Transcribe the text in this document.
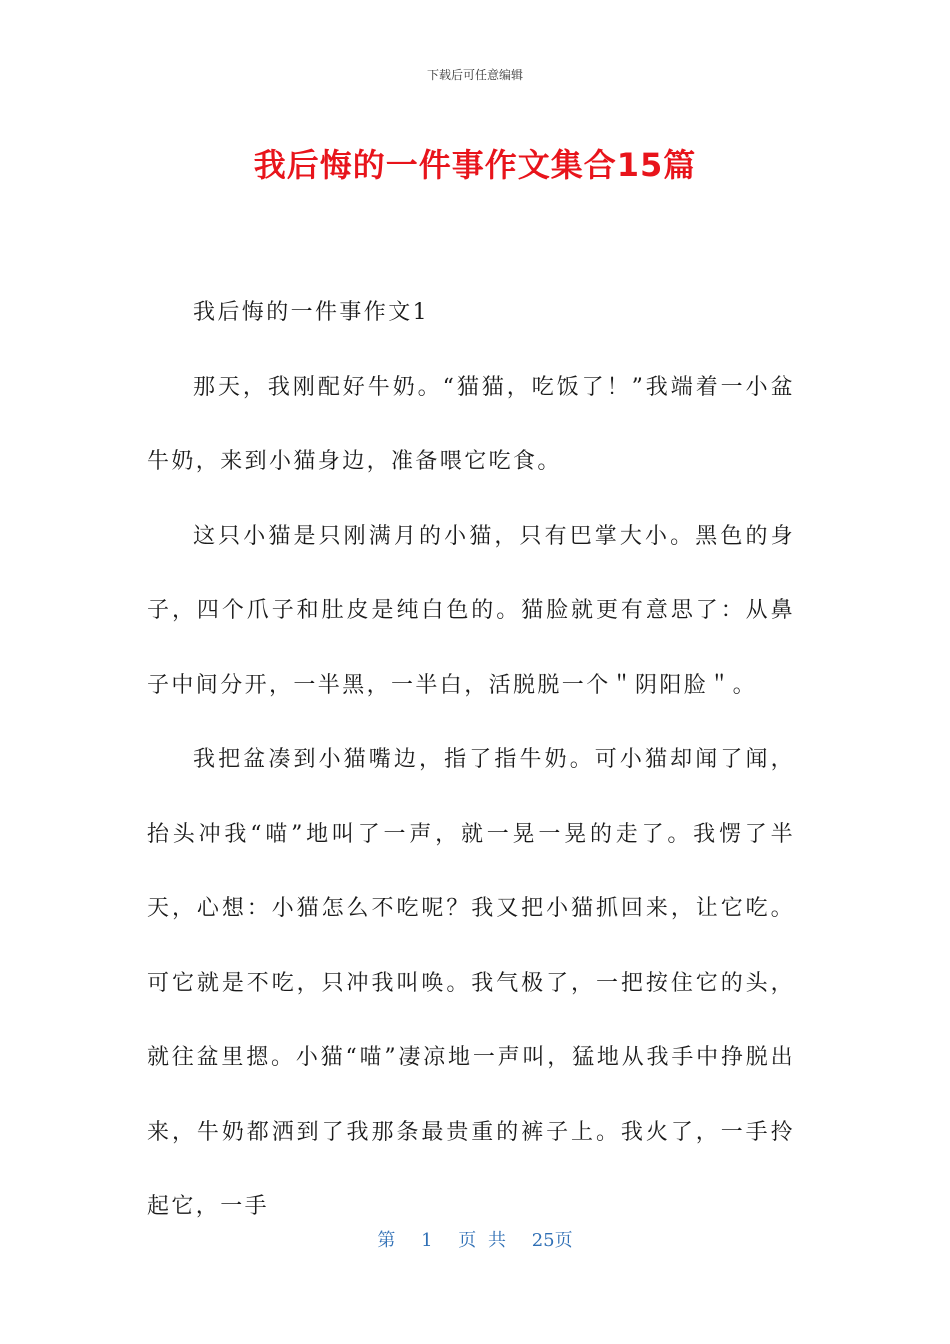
下载后可任意编辑
我后悔的一件事作文集合15篇

我后悔的一件事作文1

那天，我刚配好牛奶。“猫猫，吃饭了！”我端着一小盆牛奶，来到小猫身边，准备喂它吃食。

这只小猫是只刚满月的小猫，只有巴掌大小。黑色的身子，四个爪子和肚皮是纯白色的。猫脸就更有意思了：从鼻子中间分开，一半黑，一半白，活脱脱一个＂阴阳脸＂。

我把盆凑到小猫嘴边，指了指牛奶。可小猫却闻了闻，抬头冲我“喵”地叫了一声，就一晃一晃的走了。我愣了半天，心想：小猫怎么不吃呢？我又把小猫抓回来，让它吃。可它就是不吃，只冲我叫唤。我气极了，一把按住它的头，就往盆里摁。小猫“喵”凄凉地一声叫，猛地从我手中挣脱出来，牛奶都洒到了我那条最贵重的裤子上。我火了，一手拎起它，一手

第 1 页 共 25页
